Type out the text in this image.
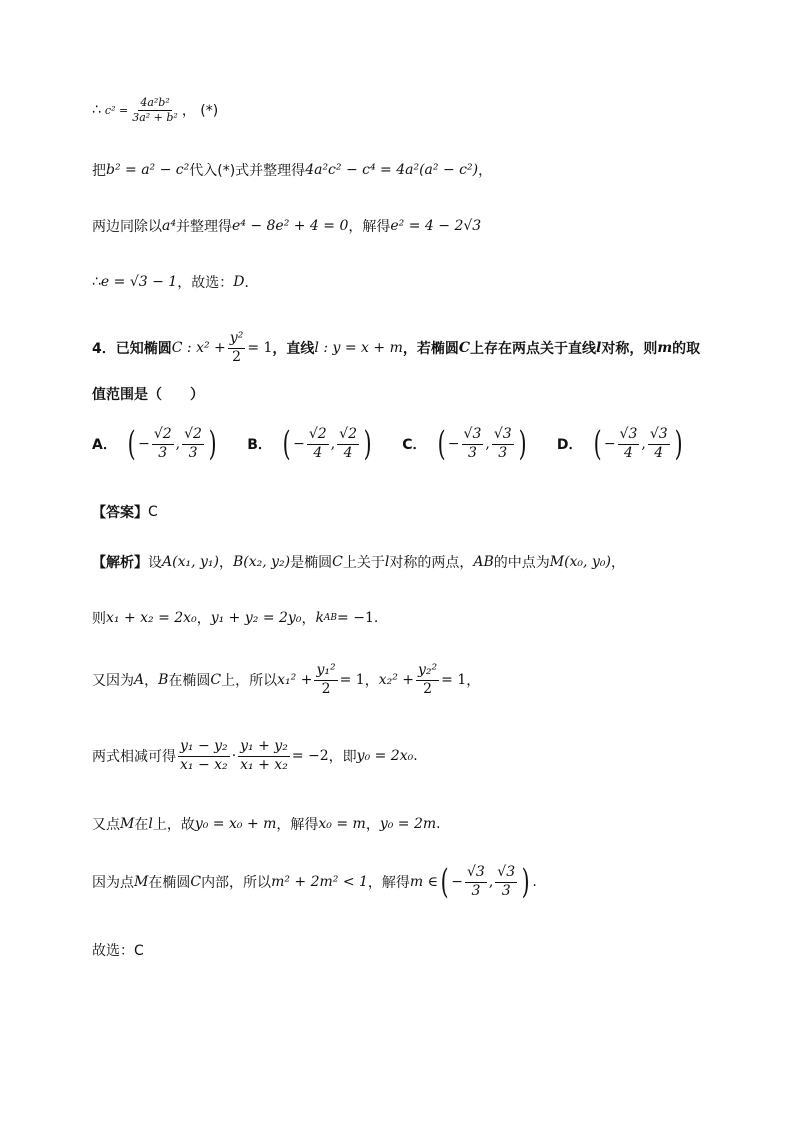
∴ $c^2 = \frac{\text{4a²b²}}{\text{3a² + b²}}$ ， (*)
把 b² = a² − c² 代入(*)式并整理得 4a²c² − c⁴ = 4a²(a² − c²) ，
两边同除以 a⁴ 并整理得 e⁴ − 8e² + 4 = 0 ，解得 e² = 4 − 2√3
∴ e = √3 − 1 ，故选： D ．
4．已知椭圆 C : $x^2 + \frac{\text{y²}}{2} = 1$ ，直线 l : y = x + m ，若椭圆 C 上存在两点关于直线 l 对称，则 m 的取
值范围是（　　）
A． ( − $\frac{√2}{3}$ , $\frac{√2}{3}$ ) B． ( − $\frac{√2}{4}$ , $\frac{√2}{4}$ ) C． ( − $\frac{√3}{3}$ , $\frac{√3}{3}$ ) D． ( − $\frac{√3}{4}$ , $\frac{√3}{4}$ )
【答案】 C
【解析】 设 A(x₁, y₁) ， B(x₂, y₂) 是椭圆 C 上关于 l 对称的两点， AB 的中点为 M(x₀, y₀) ，
则 x₁ + x₂ = 2x₀ ， y₁ + y₂ = 2y₀ ， k AB = −1.
又因为 A ， B 在椭圆 C 上，所以 $x_1^2 + \frac{\text{y₁²}}{2} = 1$ ， $x_2^2 + \frac{\text{y₂²}}{2} = 1$ ，
两式相减可得 $\frac{\text{y₁ − y₂}}{\text{x₁ − x₂}} \cdot \frac{\text{y₁ + y₂}}{\text{x₁ + x₂}} = -2$ ，即 y₀ = 2x₀ .
又点 M 在 l 上，故 y₀ = x₀ + m ，解得 x₀ = m ， y₀ = 2m .
因为点 M 在椭圆 C 内部，所以 m² + 2m² < 1 ，解得 m ∈ ( − $\frac{√3}{3}$ , $\frac{√3}{3}$ ) .
故选：C
